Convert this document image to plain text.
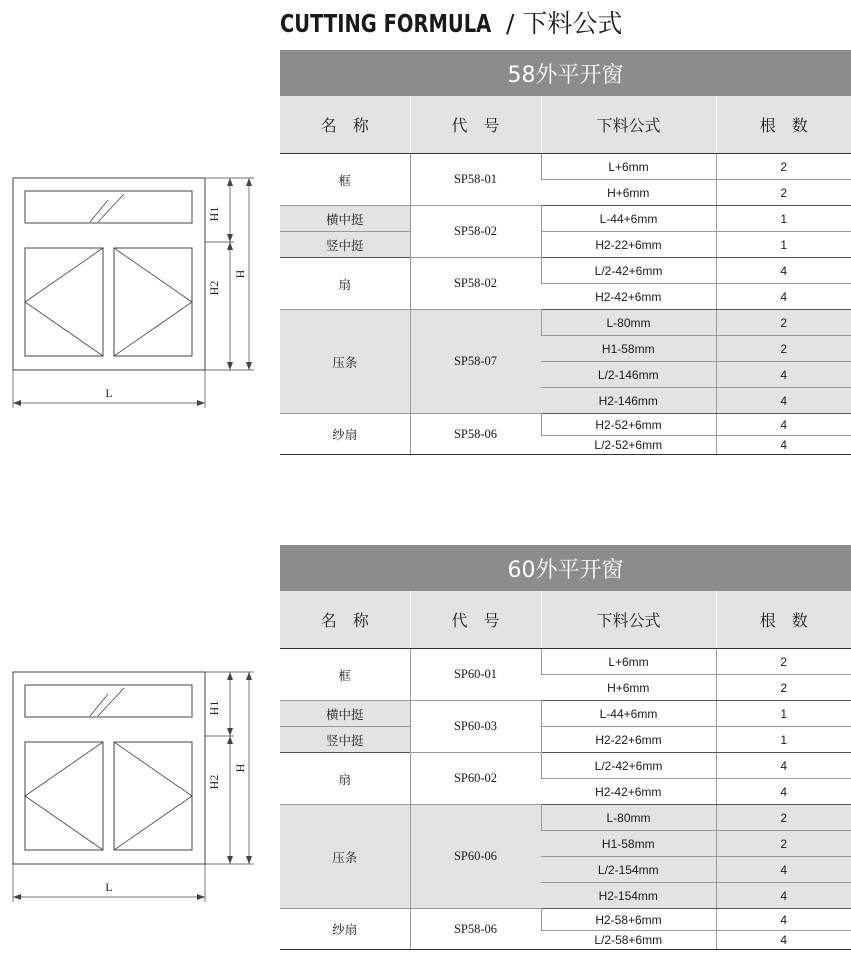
CUTTING FORMULA / 下料公式
H1
H2
H
L
58外平开窗
名　称	代　号	下料公式	根　数
框	SP58-01	L+6mm	2
		H+6mm	2
横中挺	SP58-02	L-44+6mm	1
竖中挺		H2-22+6mm	1
扇	SP58-02	L/2-42+6mm	4
		H2-42+6mm	4
压条	SP58-07	L-80mm	2
		H1-58mm	2
		L/2-146mm	4
		H2-146mm	4
纱扇	SP58-06	H2-52+6mm	4
		L/2-52+6mm	4
H1
H2
H
L
60外平开窗
名　称	代　号	下料公式	根　数
框	SP60-01	L+6mm	2
		H+6mm	2
横中挺	SP60-03	L-44+6mm	1
竖中挺		H2-22+6mm	1
扇	SP60-02	L/2-42+6mm	4
		H2-42+6mm	4
压条	SP60-06	L-80mm	2
		H1-58mm	2
		L/2-154mm	4
		H2-154mm	4
纱扇	SP58-06	H2-58+6mm	4
		L/2-58+6mm	4
